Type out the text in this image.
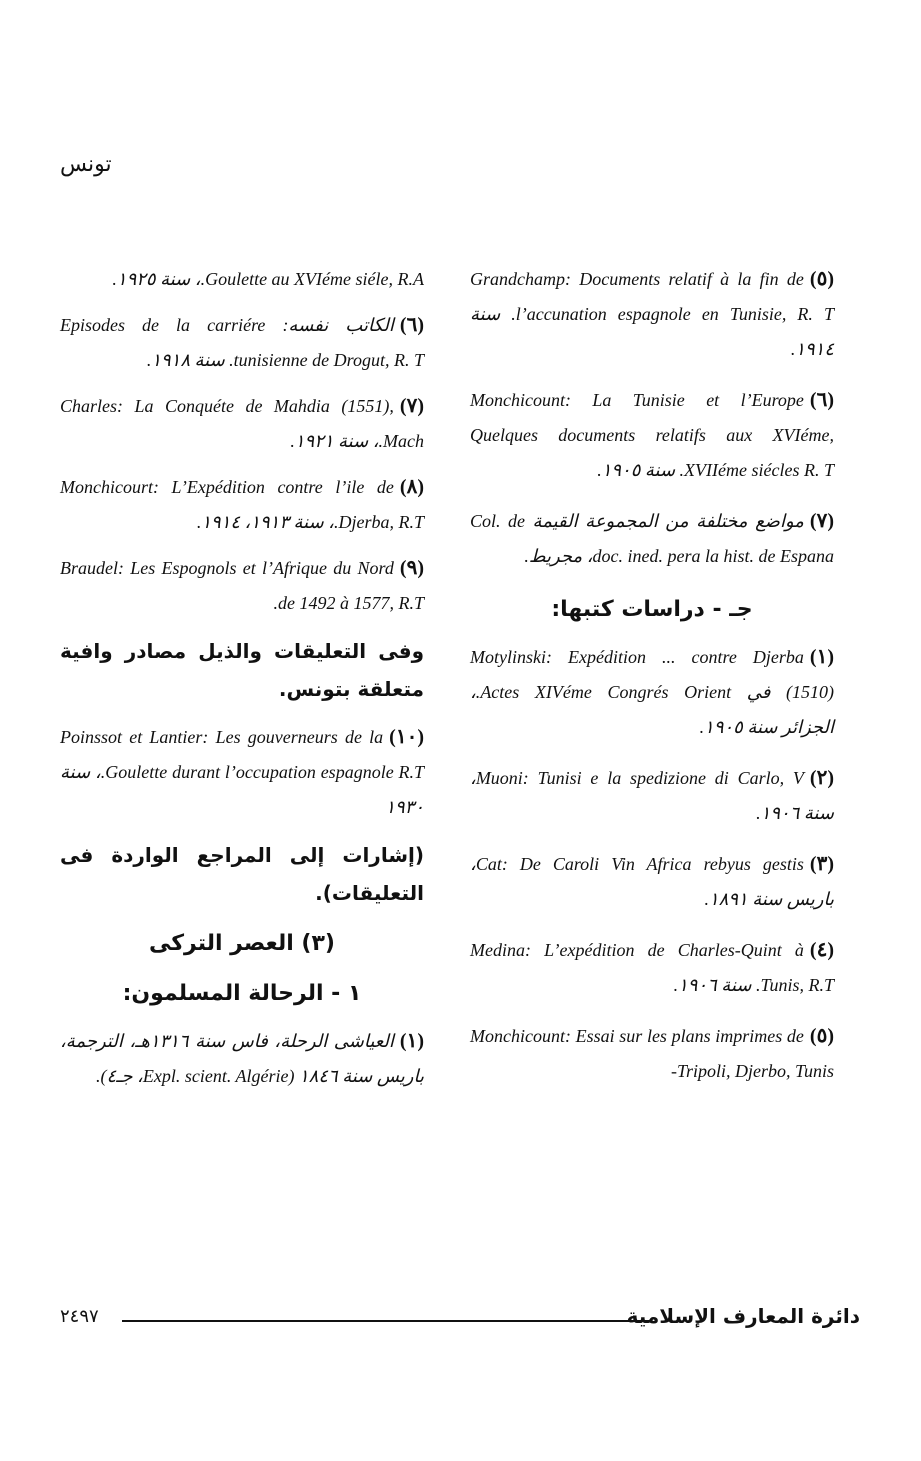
تونس
(٥)Grandchamp: Documents relatif à la fin de l’accunation espagnole en Tunisie, R. T. سنة ١٩١٤.
(٦)Monchicount: La Tunisie et l’Europe Quelques documents relatifs aux XVIéme, XVIIéme siécles R. T. سنة ١٩٠٥.
(٧)مواضع مختلفة من المجموعة القيمة Col. de doc. ined. pera la hist. de Espana، مجريط.
جـ - دراسات كتبها:
(١)Motylinski: Expédition ... contre Djerba (1510) في Actes XIVéme Congrés Orient.، الجزائر سنة ١٩٠٥.
(٢)Muoni: Tunisi e la spedizione di Carlo, V، سنة ١٩٠٦.
(٣)Cat: De Caroli Vin Africa rebyus gestis، باريس سنة ١٨٩١.
(٤)Medina: L’expédition de Charles-Quint à Tunis, R.T. سنة ١٩٠٦.
(٥)Monchicount: Essai sur les plans imprimes de Tripoli, Djerbo, Tunis-
Goulette au XVIéme siéle, R.A.، سنة ١٩٢٥.
(٦)الكاتب نفسه: Episodes de la carriére tunisienne de Drogut, R. T. سنة ١٩١٨.
(٧)Charles: La Conquéte de Mahdia (1551), Mach.، سنة ١٩٢١.
(٨)Monchicourt: L’Expédition contre l’ile de Djerba, R.T.، سنة ١٩١٣، ١٩١٤.
(٩)Braudel: Les Espognols et l’Afrique du Nord de 1492 à 1577, R.T.
وفى التعليقات والذيل مصادر وافية متعلقة بتونس.
(١٠)Poinssot et Lantier: Les gouverneurs de la Goulette durant l’occupation espagnole R.T.، سنة ١٩٣٠
(إشارات إلى المراجع الواردة فى التعليقات).
(٣) العصر التركى
١ - الرحالة المسلمون:
(١)العياشى الرحلة، فاس سنة ١٣١٦هـ، الترجمة، باريس سنة ١٨٤٦ (Expl. scient. Algérie، جـ٤).
٢٤٩٧	دائرة المعارف الإسلامية
